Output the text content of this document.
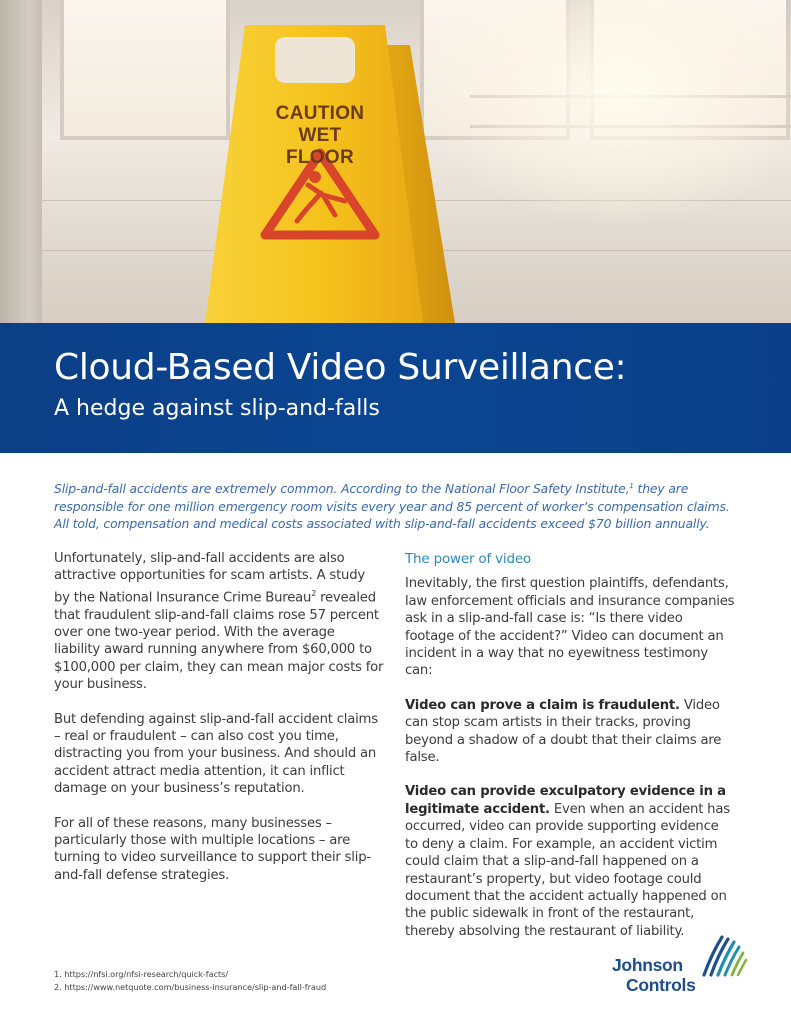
CAUTION
WET FLOOR
Cloud-Based Video Surveillance:
A hedge against slip-and-falls
Slip-and-fall accidents are extremely common. According to the National Floor Safety Institute,$^1$ they are responsible for one million emergency room visits every year and 85 percent of worker’s compensation claims. All told, compensation and medical costs associated with slip-and-fall accidents exceed $70 billion annually.

Unfortunately, slip-and-fall accidents are also attractive opportunities for scam artists. A study by the National Insurance Crime Bureau$^2$ revealed that fraudulent slip-and-fall claims rose 57 percent over one two-year period. With the average liability award running anywhere from $60,000 to $100,000 per claim, they can mean major costs for your business.

But defending against slip-and-fall accident claims – real or fraudulent – can also cost you time, distracting you from your business. And should an accident attract media attention, it can inflict damage on your business’s reputation.

For all of these reasons, many businesses – particularly those with multiple locations – are turning to video surveillance to support their slip-and-fall defense strategies.

The power of video

Inevitably, the first question plaintiffs, defendants, law enforcement officials and insurance companies ask in a slip-and-fall case is: “Is there video footage of the accident?” Video can document an incident in a way that no eyewitness testimony can:

Video can prove a claim is fraudulent. Video can stop scam artists in their tracks, proving beyond a shadow of a doubt that their claims are false.

Video can provide exculpatory evidence in a legitimate accident. Even when an accident has occurred, video can provide supporting evidence to deny a claim. For example, an accident victim could claim that a slip-and-fall happened on a restaurant’s property, but video footage could document that the accident actually happened on the public sidewalk in front of the restaurant, thereby absolving the restaurant of liability.

1. https://nfsi.org/nfsi-research/quick-facts/
2. https://www.netquote.com/business-insurance/slip-and-fall-fraud
Johnson
Controls
